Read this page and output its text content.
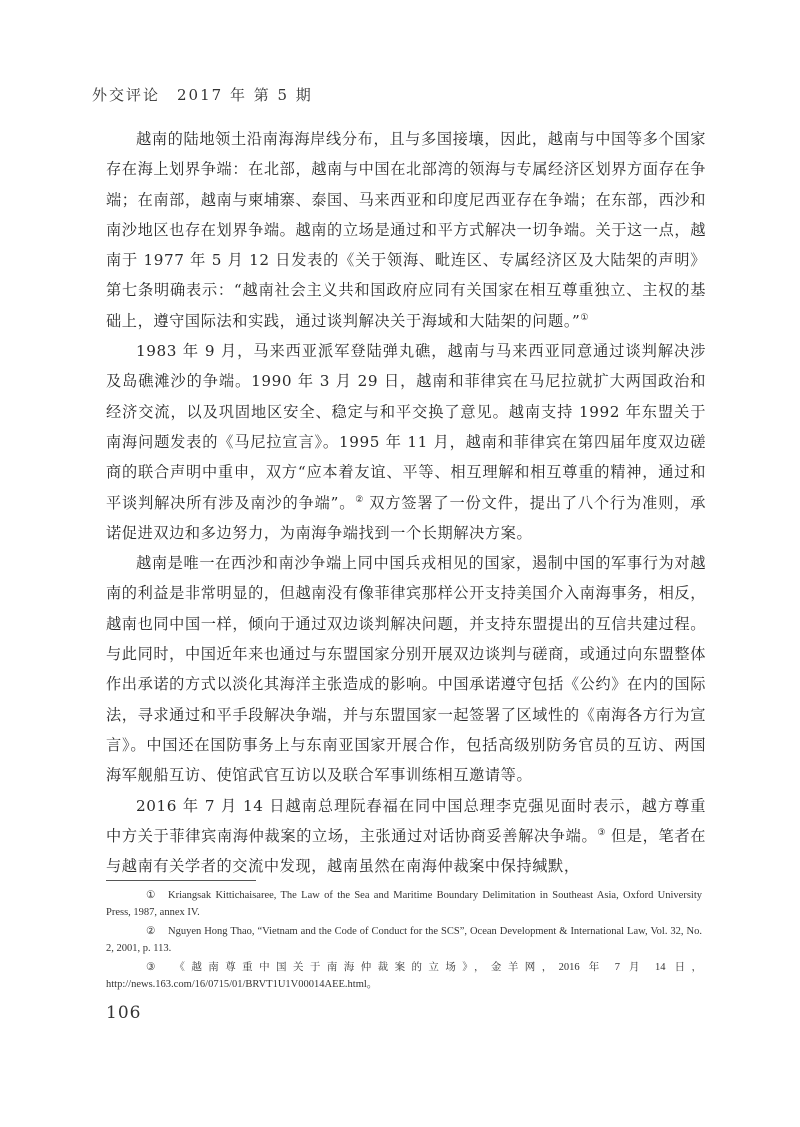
外交评论　2017 年 第 5 期

越南的陆地领土沿南海海岸线分布，且与多国接壤，因此，越南与中国等多个国家存在海上划界争端：在北部，越南与中国在北部湾的领海与专属经济区划界方面存在争端；在南部，越南与柬埔寨、泰国、马来西亚和印度尼西亚存在争端；在东部，西沙和南沙地区也存在划界争端。越南的立场是通过和平方式解决一切争端。关于这一点，越南于 1977 年 5 月 12 日发表的《关于领海、毗连区、专属经济区及大陆架的声明》第七条明确表示：“越南社会主义共和国政府应同有关国家在相互尊重独立、主权的基础上，遵守国际法和实践，通过谈判解决关于海域和大陆架的问题。”①

1983 年 9 月，马来西亚派军登陆弹丸礁，越南与马来西亚同意通过谈判解决涉及岛礁滩沙的争端。1990 年 3 月 29 日，越南和菲律宾在马尼拉就扩大两国政治和经济交流，以及巩固地区安全、稳定与和平交换了意见。越南支持 1992 年东盟关于南海问题发表的《马尼拉宣言》。1995 年 11 月，越南和菲律宾在第四届年度双边磋商的联合声明中重申，双方“应本着友谊、平等、相互理解和相互尊重的精神，通过和平谈判解决所有涉及南沙的争端”。② 双方签署了一份文件，提出了八个行为准则，承诺促进双边和多边努力，为南海争端找到一个长期解决方案。

越南是唯一在西沙和南沙争端上同中国兵戎相见的国家，遏制中国的军事行为对越南的利益是非常明显的，但越南没有像菲律宾那样公开支持美国介入南海事务，相反，越南也同中国一样，倾向于通过双边谈判解决问题，并支持东盟提出的互信共建过程。与此同时，中国近年来也通过与东盟国家分别开展双边谈判与磋商，或通过向东盟整体作出承诺的方式以淡化其海洋主张造成的影响。中国承诺遵守包括《公约》在内的国际法，寻求通过和平手段解决争端，并与东盟国家一起签署了区域性的《南海各方行为宣言》。中国还在国防事务上与东南亚国家开展合作，包括高级别防务官员的互访、两国海军舰船互访、使馆武官互访以及联合军事训练相互邀请等。

2016 年 7 月 14 日越南总理阮春福在同中国总理李克强见面时表示，越方尊重中方关于菲律宾南海仲裁案的立场，主张通过对话协商妥善解决争端。③ 但是，笔者在与越南有关学者的交流中发现，越南虽然在南海仲裁案中保持缄默，

① Kriangsak Kittichaisaree, The Law of the Sea and Maritime Boundary Delimitation in Southeast Asia, Oxford University Press, 1987, annex IV.

② Nguyen Hong Thao, “Vietnam and the Code of Conduct for the SCS”, Ocean Development & International Law, Vol. 32, No. 2, 2001, p. 113.

③ 《越南尊重中国关于南海仲裁案的立场》，金羊网，2016 年 7 月 14 日，http://news.163.com/16/0715/01/BRVT1U1V00014AEE.html。

106
